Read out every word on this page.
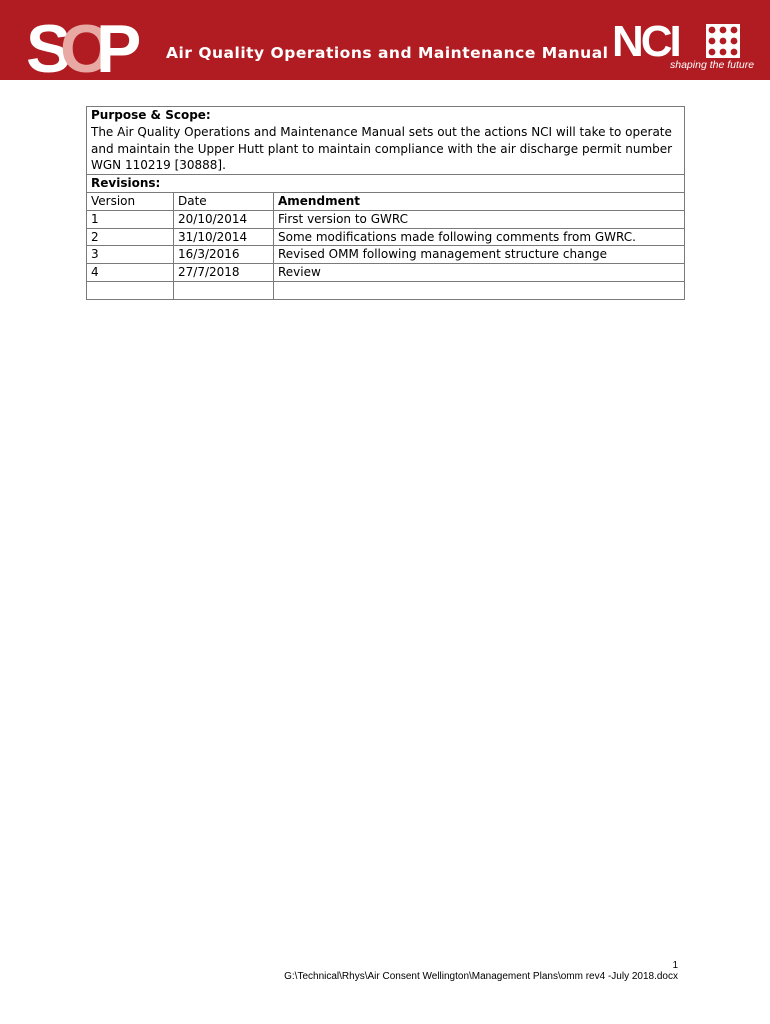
S
O
P Air Quality Operations and Maintenance Manual NCI
shaping the future
Purpose & Scope:
The Air Quality Operations and Maintenance Manual sets out the actions NCI will take to operate and maintain the Upper Hutt plant to maintain compliance with the air discharge permit number WGN 110219 [30888].		

Revisions:		
Version	Date	Amendment
1	20/10/2014	First version to GWRC
2	31/10/2014	Some modifications made following comments from GWRC.
3	16/3/2016	Revised OMM following management structure change
4	27/7/2018	Review

1
G:\Technical\Rhys\Air Consent Wellington\Management Plans\omm rev4 -July 2018.docx
